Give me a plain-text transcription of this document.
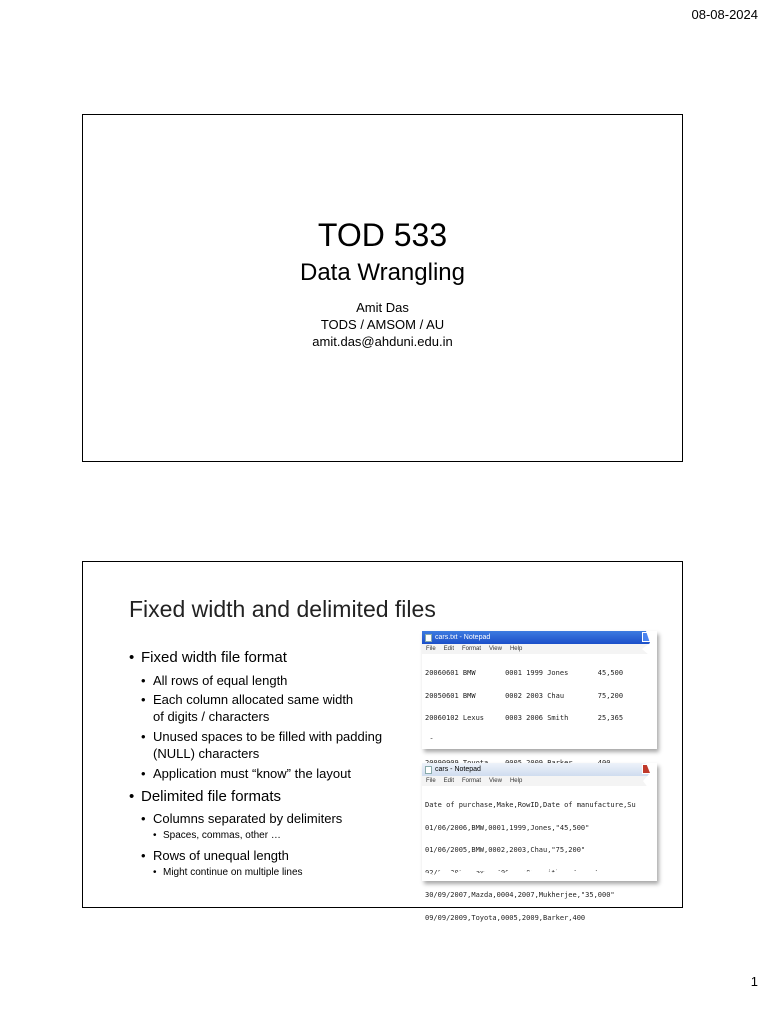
08-08-2024
TOD 533
Data Wrangling
Amit Das
TODS / AMSOM / AU
amit.das@ahduni.edu.in
Fixed width and delimited files
• Fixed width file format
• All rows of equal length
• Each column allocated same width
of digits / characters
• Unused spaces to be filled with padding
(NULL) characters
• Application must “know” the layout
• Delimited file formats
• Columns separated by delimiters
• Spaces, commas, other …
• Rows of unequal length
• Might continue on multiple lines
cars.txt - Notepad
File Edit Format View Help

20060601 BMW       0001 1999 Jones       45,500

20050601 BMW       0002 2003 Chau        75,200

20060102 Lexus     0003 2006 Smith       25,365

cars - Notepad
File Edit Format View Help

Date of purchase,Make,RowID,Date of manufacture,Su

01/06/2006,BMW,0001,1999,Jones,"45,500"

01/06/2005,BMW,0002,2003,Chau,"75,200"

30/09/2007,Mazda,0004,2007,Mukherjee,"35,000"

09/09/2009,Toyota,0005,2009,Barker,400

1
